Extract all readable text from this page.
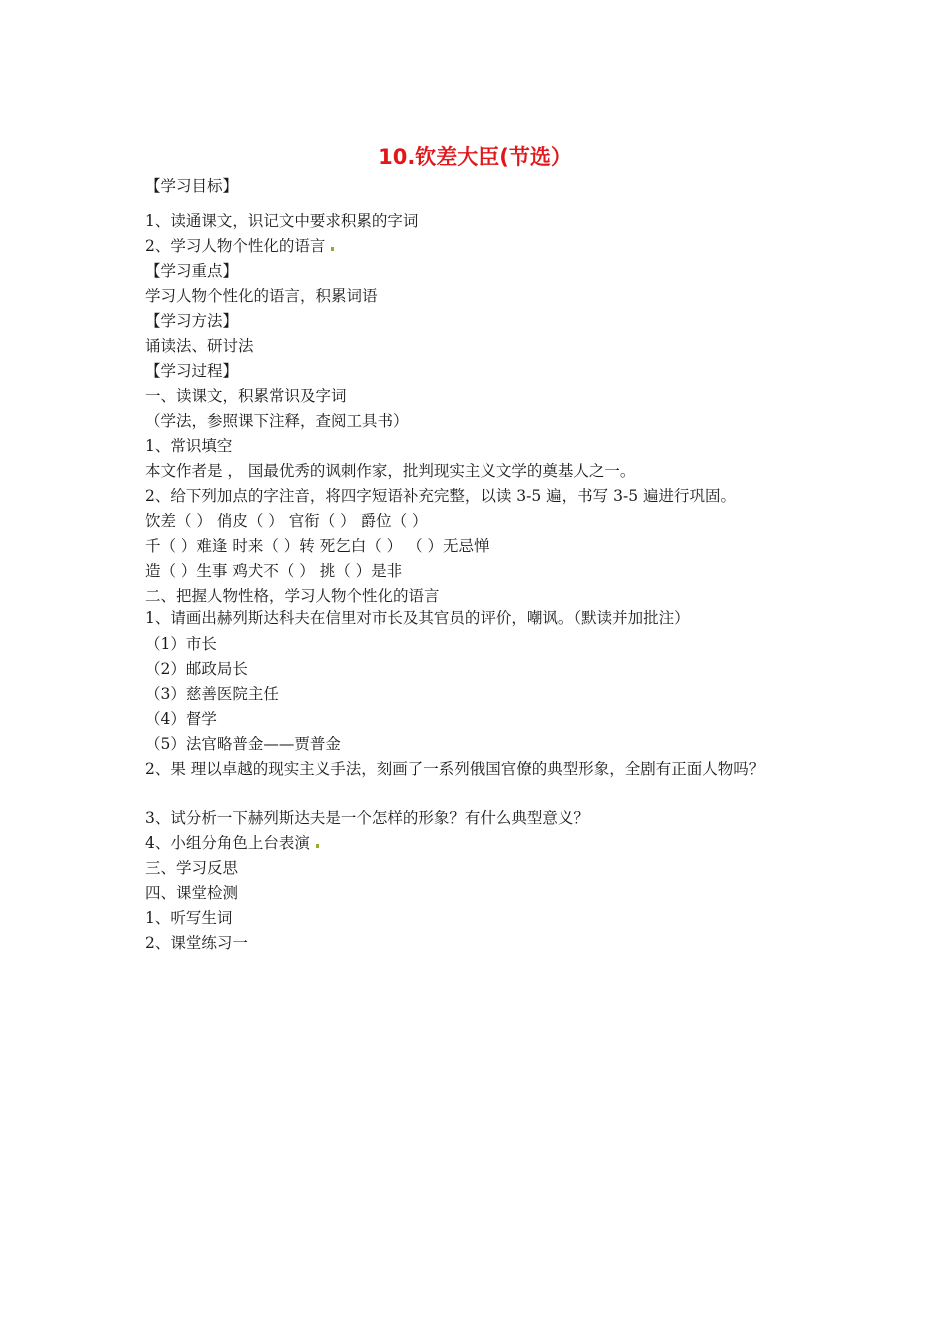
10.钦差大臣(节选）
【学习目标】
1、读通课文，识记文中要求积累的字词
2、学习人物个性化的语言
【学习重点】
学习人物个性化的语言，积累词语
【学习方法】
诵读法、研讨法
【学习过程】
一、读课文，积累常识及字词
（学法，参照课下注释，查阅工具书）
1、常识填空
本文作者是 ， 国最优秀的讽刺作家，批判现实主义文学的奠基人之一。
2、给下列加点的字注音，将四字短语补充完整，以读 3-5 遍，书写 3-5 遍进行巩固。
饮差（ ） 俏皮（ ） 官衔（ ） 爵位（ ）
千（ ）难逢 时来（ ）转 死乞白（ ） （ ）无忌惮
造（ ）生事 鸡犬不（ ） 挑（ ）是非
二、把握人物性格，学习人物个性化的语言
1、请画出赫列斯达科夫在信里对市长及其官员的评价，嘲讽。（默读并加批注）
（1）市长
（2）邮政局长
（3）慈善医院主任
（4）督学
（5）法官略普金——贾普金
2、果 理以卓越的现实主义手法，刻画了一系列俄国官僚的典型形象，全剧有正面人物吗？
3、试分析一下赫列斯达夫是一个怎样的形象？有什么典型意义？
4、小组分角色上台表演
三、学习反思
四、课堂检测
1、听写生词
2、课堂练习一
